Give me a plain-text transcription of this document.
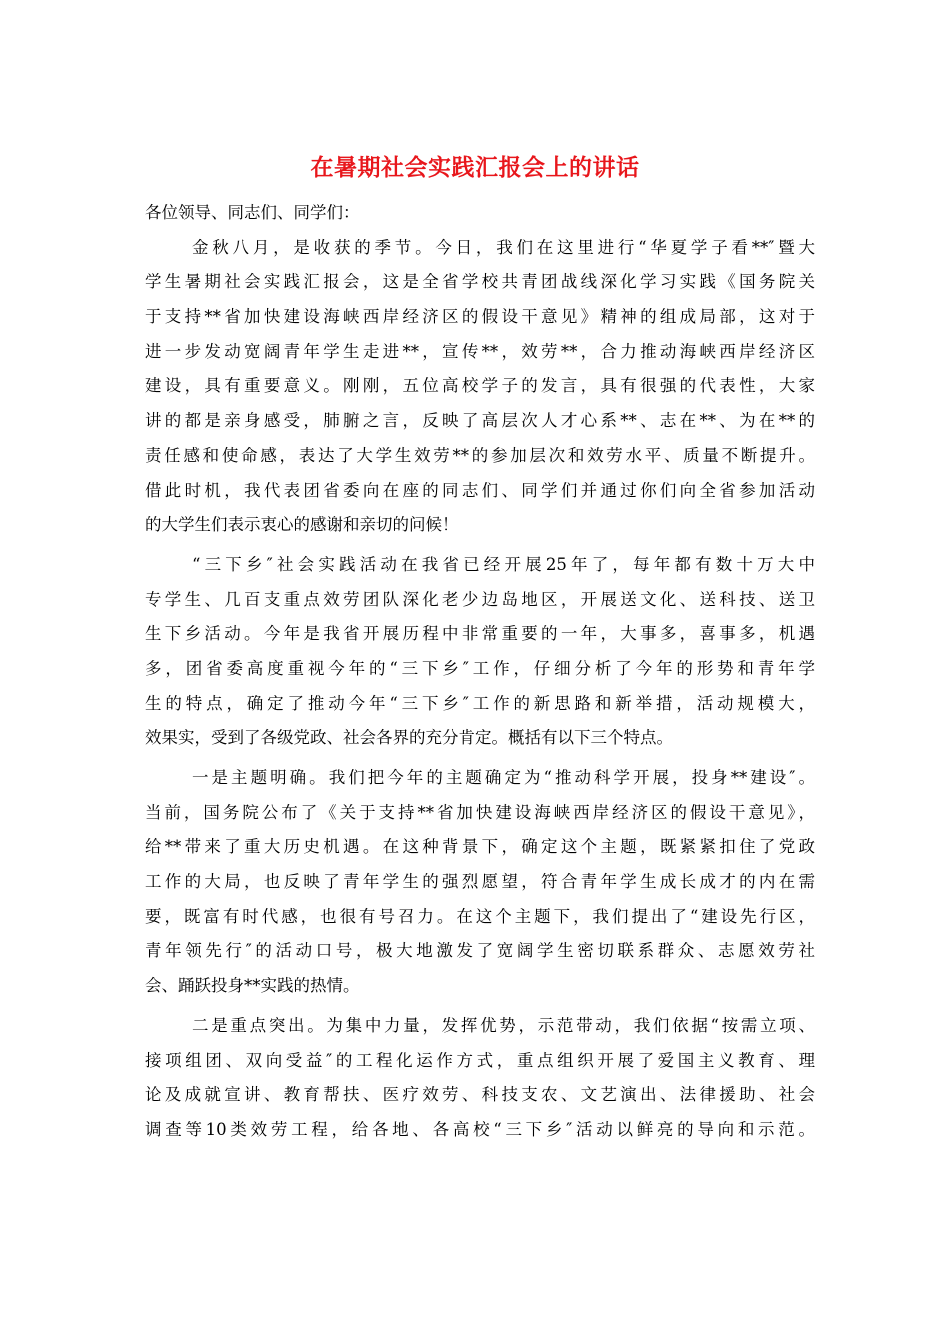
在暑期社会实践汇报会上的讲话
各位领导、同志们、同学们：
金秋八月，是收获的季节。今日，我们在这里进行“华夏学子看**″暨大
学生暑期社会实践汇报会，这是全省学校共青团战线深化学习实践《国务院关
于支持**省加快建设海峡西岸经济区的假设干意见》精神的组成局部，这对于
进一步发动宽阔青年学生走进**，宣传**，效劳**，合力推动海峡西岸经济区
建设，具有重要意义。刚刚，五位高校学子的发言，具有很强的代表性，大家
讲的都是亲身感受，肺腑之言，反映了高层次人才心系**、志在**、为在**的
责任感和使命感，表达了大学生效劳**的参加层次和效劳水平、质量不断提升。
借此时机，我代表团省委向在座的同志们、同学们并通过你们向全省参加活动
的大学生们表示衷心的感谢和亲切的问候！
“三下乡″社会实践活动在我省已经开展25年了，每年都有数十万大中
专学生、几百支重点效劳团队深化老少边岛地区，开展送文化、送科技、送卫
生下乡活动。今年是我省开展历程中非常重要的一年，大事多，喜事多，机遇
多，团省委高度重视今年的“三下乡″工作，仔细分析了今年的形势和青年学
生的特点，确定了推动今年“三下乡″工作的新思路和新举措，活动规模大，
效果实，受到了各级党政、社会各界的充分肯定。概括有以下三个特点。
一是主题明确。我们把今年的主题确定为“推动科学开展，投身**建设″。
当前，国务院公布了《关于支持**省加快建设海峡西岸经济区的假设干意见》，
给**带来了重大历史机遇。在这种背景下，确定这个主题，既紧紧扣住了党政
工作的大局，也反映了青年学生的强烈愿望，符合青年学生成长成才的内在需
要，既富有时代感，也很有号召力。在这个主题下，我们提出了“建设先行区，
青年领先行″的活动口号，极大地激发了宽阔学生密切联系群众、志愿效劳社
会、踊跃投身**实践的热情。
二是重点突出。为集中力量，发挥优势，示范带动，我们依据“按需立项、
接项组团、双向受益″的工程化运作方式，重点组织开展了爱国主义教育、理
论及成就宣讲、教育帮扶、医疗效劳、科技支农、文艺演出、法律援助、社会
调查等10类效劳工程，给各地、各高校“三下乡″活动以鲜亮的导向和示范。
